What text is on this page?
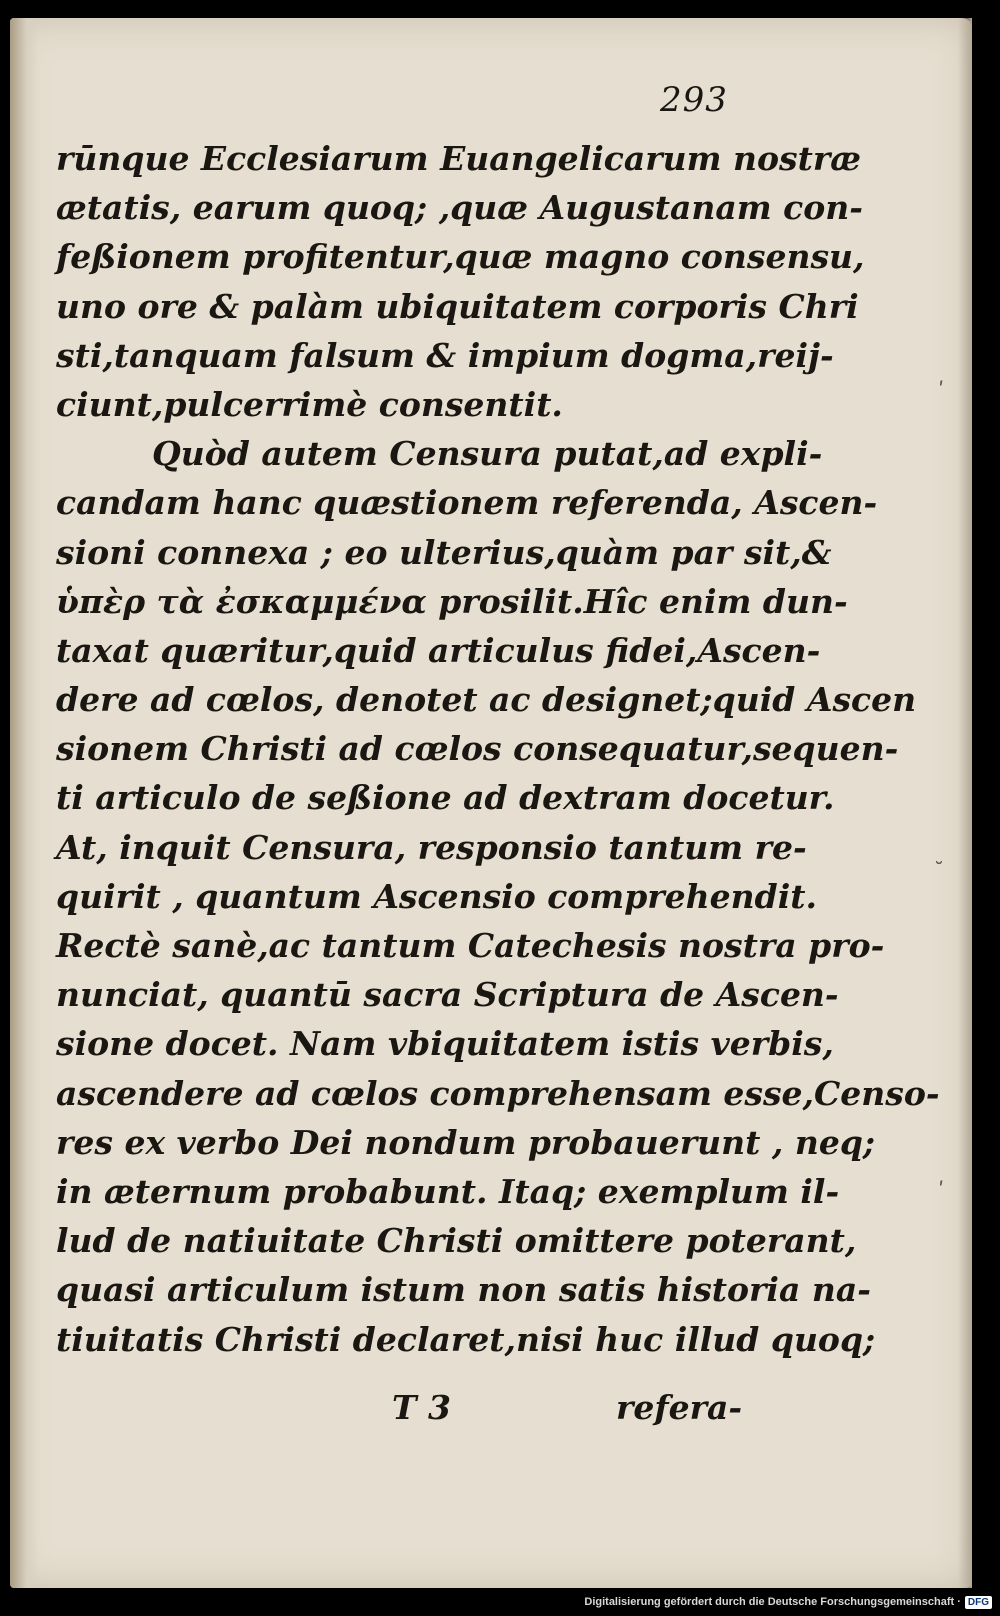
293
rūnque Ecclesiarum Euangelicarum nostræ
ætatis, earum quoq; ,quæ Augustanam con-
feßionem profitentur,quæ magno consensu,
uno ore & palàm ubiquitatem corporis Chri
sti,tanquam falsum & impium dogma,reij-
ciunt,pulcerrimè consentit.
Quòd autem Censura putat,ad expli-
candam hanc quæstionem referenda, Ascen-
sioni connexa ; eo ulterius,quàm par sit,&
ὑπὲρ τὰ ἐσκαμμένα prosilit.Hîc enim dun-
taxat quæritur,quid articulus fidei,Ascen-
dere ad cœlos, denotet ac designet;quid Ascen
sionem Christi ad cœlos consequatur,sequen-
ti articulo de seßione ad dextram docetur.
At, inquit Censura, responsio tantum re-
quirit , quantum Ascensio comprehendit.
Rectè sanè,ac tantum Catechesis nostra pro-
nunciat, quantū sacra Scriptura de Ascen-
sione docet. Nam vbiquitatem istis verbis,
ascendere ad cœlos comprehensam esse,Censo-
res ex verbo Dei nondum probauerunt , neq;
in æternum probabunt. Itaq; exemplum il-
lud de natiuitate Christi omittere poterant,
quasi articulum istum non satis historia na-
tiuitatis Christi declaret,nisi huc illud quoq;
T 3	refera-
ʹ
˘
ʹ
Digitalisierung gefördert durch die Deutsche Forschungsgemeinschaft · DFG
